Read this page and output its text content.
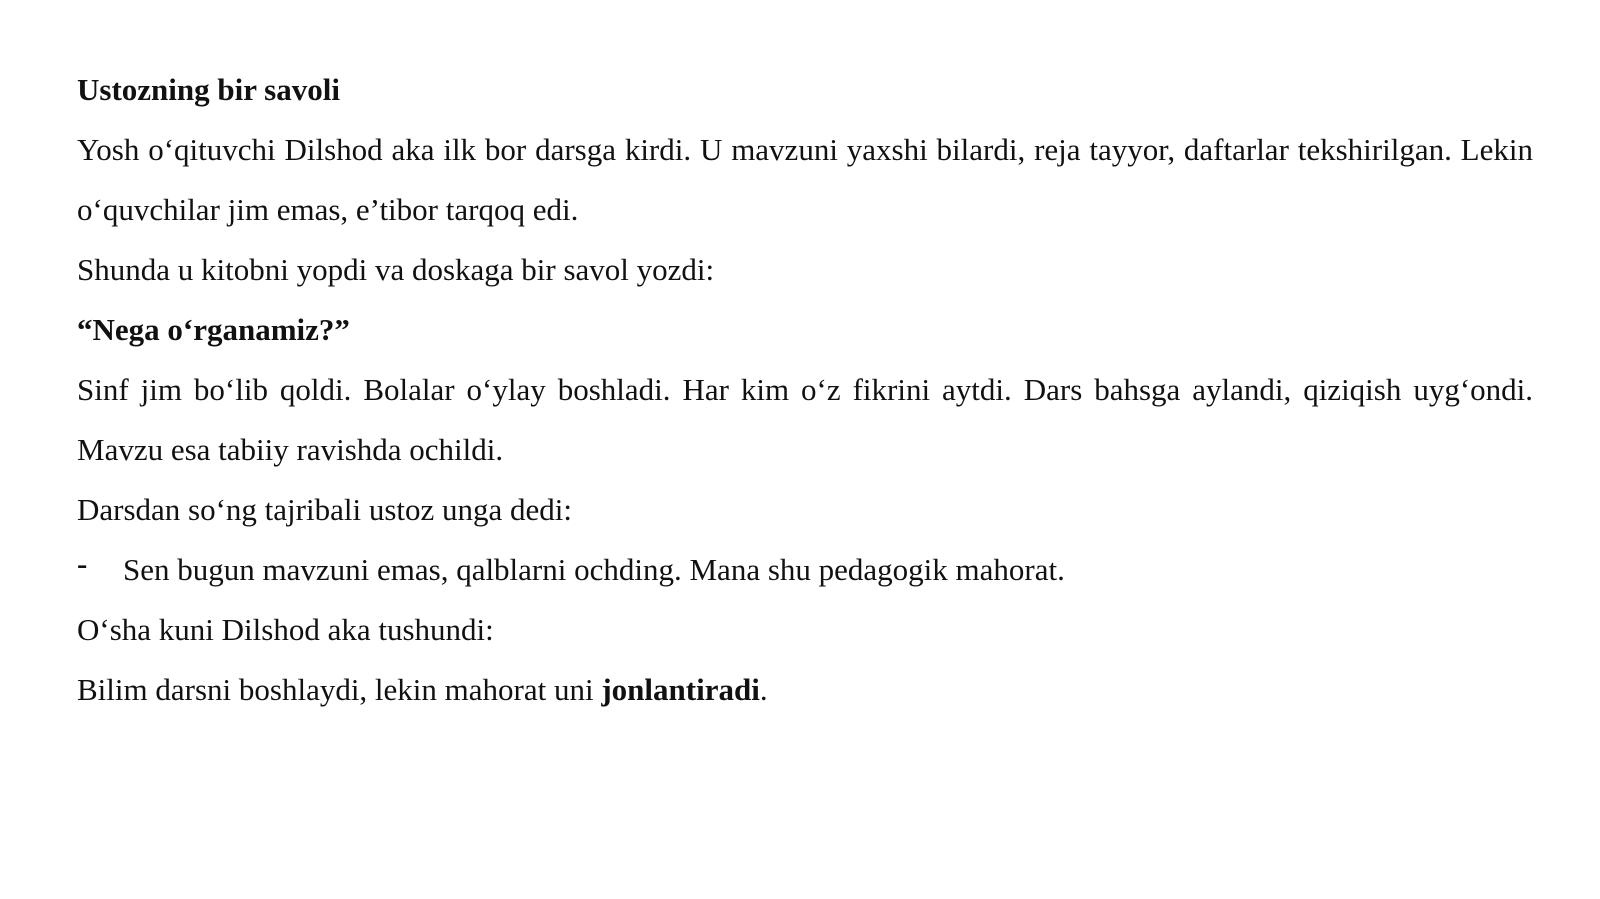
Ustozning bir savoli

Yosh o‘qituvchi Dilshod aka ilk bor darsga kirdi. U mavzuni yaxshi bilardi, reja tayyor, daftarlar tekshirilgan. Lekin o‘quvchilar jim emas, e’tibor tarqoq edi.

Shunda u kitobni yopdi va doskaga bir savol yozdi:

“Nega o‘rganamiz?”

Sinf jim bo‘lib qoldi. Bolalar o‘ylay boshladi. Har kim o‘z fikrini aytdi. Dars bahsga aylandi, qiziqish uyg‘ondi. Mavzu esa tabiiy ravishda ochildi.

Darsdan so‘ng tajribali ustoz unga dedi:

-	Sen bugun mavzuni emas, qalblarni ochding. Mana shu pedagogik mahorat.

O‘sha kuni Dilshod aka tushundi:

Bilim darsni boshlaydi, lekin mahorat uni jonlantiradi.
